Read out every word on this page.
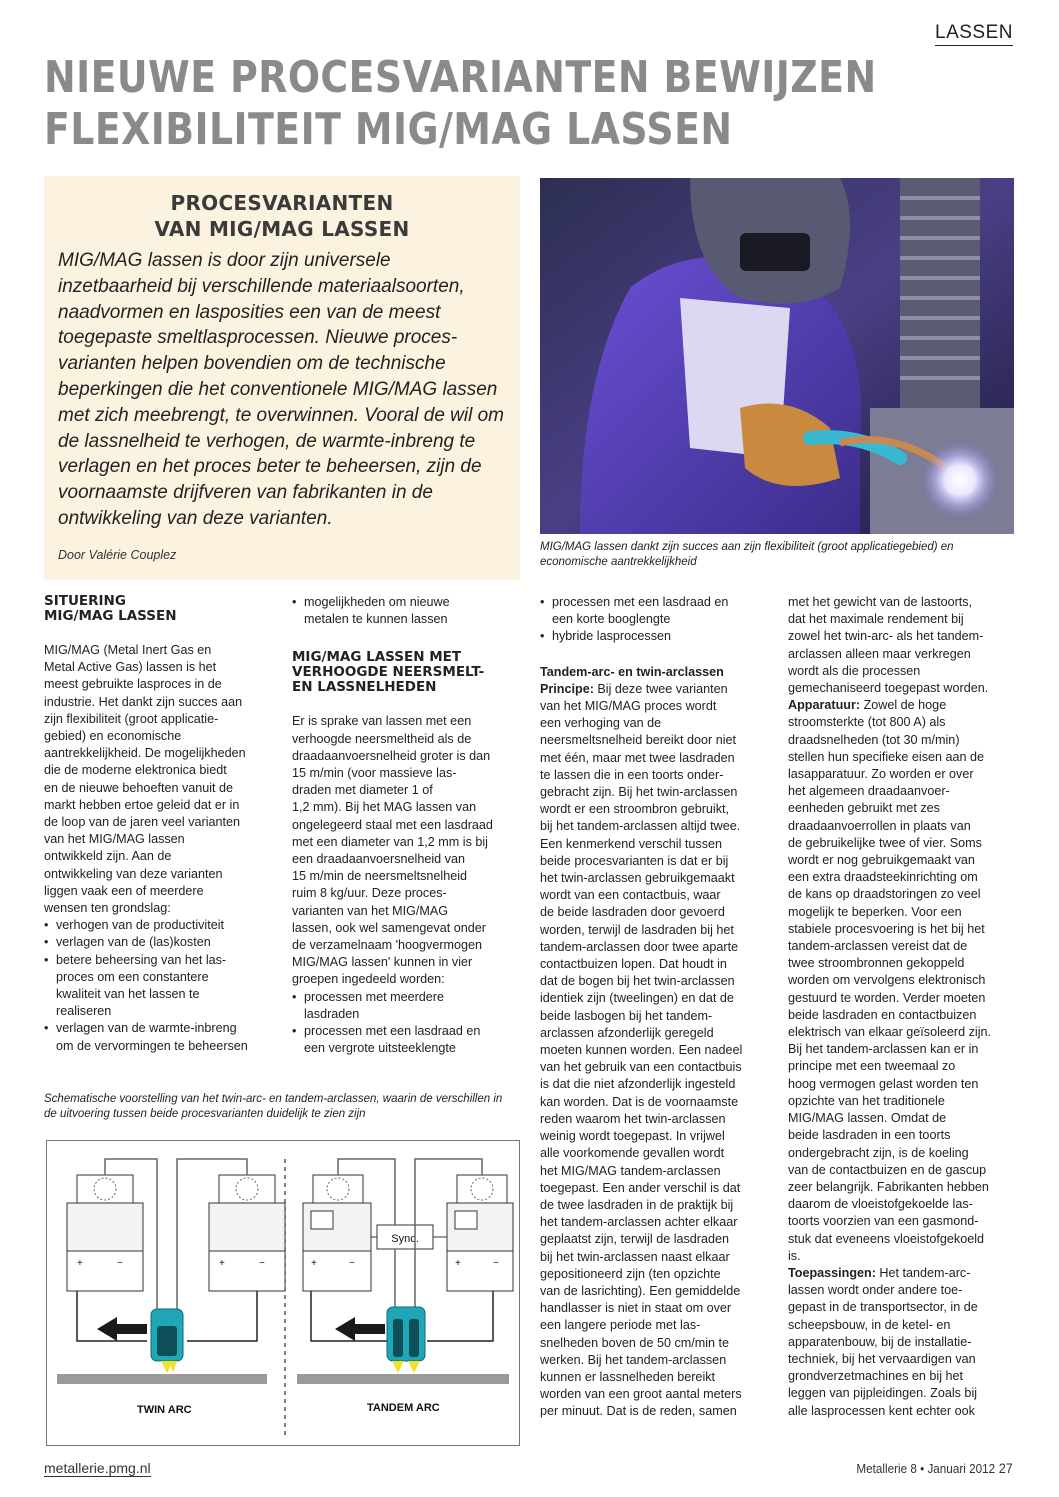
LASSEN
NIEUWE PROCESVARIANTEN BEWIJZEN
FLEXIBILITEIT MIG/MAG LASSEN
PROCESVARIANTEN
VAN MIG/MAG LASSEN
MIG/MAG lassen is door zijn universele
inzetbaarheid bij verschillende materiaalsoorten,
naadvormen en lasposities een van de meest
toegepaste smeltlasprocessen. Nieuwe proces-
varianten helpen bovendien om de technische
beperkingen die het conventionele MIG/MAG lassen
met zich meebrengt, te overwinnen. Vooral de wil om
de lassnelheid te verhogen, de warmte-inbreng te
verlagen en het proces beter te beheersen, zijn de
voornaamste drijfveren van fabrikanten in de
ontwikkeling van deze varianten.
Door Valérie Couplez
MIG/MAG lassen dankt zijn succes aan zijn flexibiliteit (groot applicatiegebied) en
economische aantrekkelijkheid
SITUERING
MIG/MAG LASSEN
MIG/MAG (Metal Inert Gas en
Metal Active Gas) lassen is het
meest gebruikte lasproces in de
industrie. Het dankt zijn succes aan
zijn flexibiliteit (groot applicatie-
gebied) en economische
aantrekkelijkheid. De mogelijkheden
die de moderne elektronica biedt
en de nieuwe behoeften vanuit de
markt hebben ertoe geleid dat er in
de loop van de jaren veel varianten
van het MIG/MAG lassen
ontwikkeld zijn. Aan de
ontwikkeling van deze varianten
liggen vaak een of meerdere
wensen ten grondslag:
• verhogen van de productiviteit
• verlagen van de (las)kosten
• betere beheersing van het las-
proces om een constantere
kwaliteit van het lassen te
realiseren
• verlagen van de warmte-inbreng
om de vervormingen te beheersen
• mogelijkheden om nieuwe
metalen te kunnen lassen
MIG/MAG LASSEN MET
VERHOOGDE NEERSMELT-
EN LASSNELHEDEN
Er is sprake van lassen met een
verhoogde neersmeltheid als de
draadaanvoersnelheid groter is dan
15 m/min (voor massieve las-
draden met diameter 1 of
1,2 mm). Bij het MAG lassen van
ongelegeerd staal met een lasdraad
met een diameter van 1,2 mm is bij
een draadaanvoersnelheid van
15 m/min de neersmeltsnelheid
ruim 8 kg/uur. Deze proces-
varianten van het MIG/MAG
lassen, ook wel samengevat onder
de verzamelnaam 'hoogvermogen
MIG/MAG lassen' kunnen in vier
groepen ingedeeld worden:
• processen met meerdere
lasdraden
• processen met een lasdraad en
een vergrote uitsteeklengte
• processen met een lasdraad en
een korte booglengte
• hybride lasprocessen
Tandem-arc- en twin-arclassen
Principe: Bij deze twee varianten
van het MIG/MAG proces wordt
een verhoging van de
neersmeltsnelheid bereikt door niet
met één, maar met twee lasdraden
te lassen die in een toorts onder-
gebracht zijn. Bij het twin-arclassen
wordt er een stroombron gebruikt,
bij het tandem-arclassen altijd twee.
Een kenmerkend verschil tussen
beide procesvarianten is dat er bij
het twin-arclassen gebruikgemaakt
wordt van een contactbuis, waar
de beide lasdraden door gevoerd
worden, terwijl de lasdraden bij het
tandem-arclassen door twee aparte
contactbuizen lopen. Dat houdt in
dat de bogen bij het twin-arclassen
identiek zijn (tweelingen) en dat de
beide lasbogen bij het tandem-
arclassen afzonderlijk geregeld
moeten kunnen worden. Een nadeel
van het gebruik van een contactbuis
is dat die niet afzonderlijk ingesteld
kan worden. Dat is de voornaamste
reden waarom het twin-arclassen
weinig wordt toegepast. In vrijwel
alle voorkomende gevallen wordt
het MIG/MAG tandem-arclassen
toegepast. Een ander verschil is dat
de twee lasdraden in de praktijk bij
het tandem-arclassen achter elkaar
geplaatst zijn, terwijl de lasdraden
bij het twin-arclassen naast elkaar
gepositioneerd zijn (ten opzichte
van de lasrichting). Een gemiddelde
handlasser is niet in staat om over
een langere periode met las-
snelheden boven de 50 cm/min te
werken. Bij het tandem-arclassen
kunnen er lassnelheden bereikt
worden van een groot aantal meters
per minuut. Dat is de reden, samen
met het gewicht van de lastoorts,
dat het maximale rendement bij
zowel het twin-arc- als het tandem-
arclassen alleen maar verkregen
wordt als die processen
gemechaniseerd toegepast worden.
Apparatuur: Zowel de hoge
stroomsterkte (tot 800 A) als
draadsnelheden (tot 30 m/min)
stellen hun specifieke eisen aan de
lasapparatuur. Zo worden er over
het algemeen draadaanvoer-
eenheden gebruikt met zes
draadaanvoerrollen in plaats van
de gebruikelijke twee of vier. Soms
wordt er nog gebruikgemaakt van
een extra draadsteekinrichting om
de kans op draadstoringen zo veel
mogelijk te beperken. Voor een
stabiele procesvoering is het bij het
tandem-arclassen vereist dat de
twee stroombronnen gekoppeld
worden om vervolgens elektronisch
gestuurd te worden. Verder moeten
beide lasdraden en contactbuizen
elektrisch van elkaar geïsoleerd zijn.
Bij het tandem-arclassen kan er in
principe met een tweemaal zo
hoog vermogen gelast worden ten
opzichte van het traditionele
MIG/MAG lassen. Omdat de
beide lasdraden in een toorts
ondergebracht zijn, is de koeling
van de contactbuizen en de gascup
zeer belangrijk. Fabrikanten hebben
daarom de vloeistofgekoelde las-
toorts voorzien van een gasmond-
stuk dat eveneens vloeistofgekoeld
is.
Toepassingen: Het tandem-arc-
lassen wordt onder andere toe-
gepast in de transportsector, in de
scheepsbouw, in de ketel- en
apparatenbouw, bij de installatie-
techniek, bij het vervaardigen van
grondverzetmachines en bij het
leggen van pijpleidingen. Zoals bij
alle lasprocessen kent echter ook
Schematische voorstelling van het twin-arc- en tandem-arclassen, waarin de verschillen in
de uitvoering tussen beide procesvarianten duidelijk te zien zijn
+	−	+	−
TWIN ARC
+	−	+	−
Sync.
TANDEM ARC
metallerie.pmg.nl	Metallerie 8 • Januari 2012 27
